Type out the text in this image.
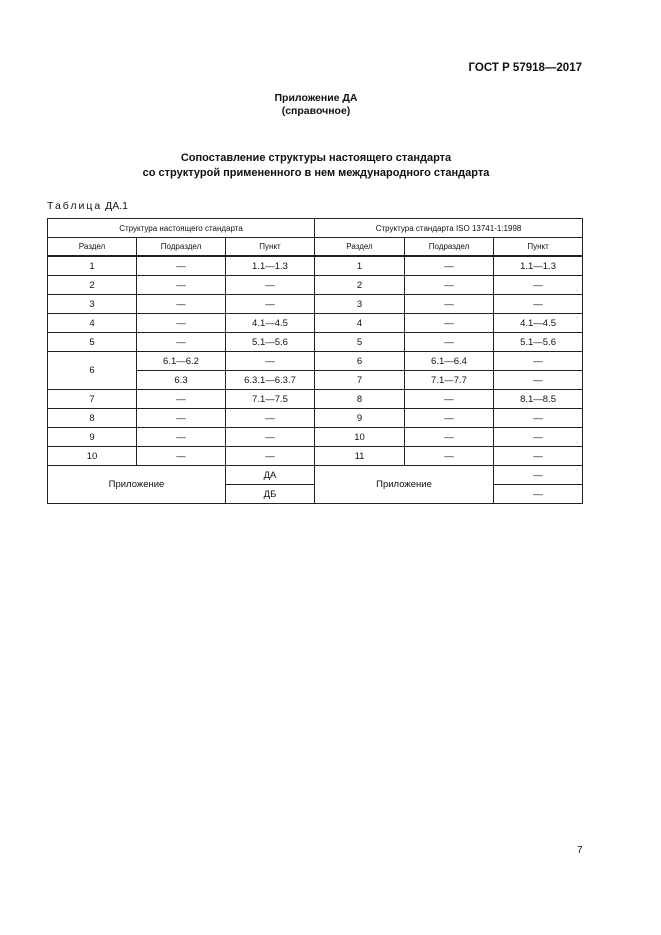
ГОСТ Р 57918—2017
Приложение ДА
(справочное)
Сопоставление структуры настоящего стандарта
со структурой примененного в нем международного стандарта
Таблица ДА.1
Структура настоящего стандарта			Структура стандарта ISO 13741-1:1998		
Раздел	Подраздел	Пункт	Раздел	Подраздел	Пункт
1	—	1.1—1.3	1	—	1.1—1.3
2	—	—	2	—	—
3	—	—	3	—	—
4	—	4.1—4.5	4	—	4.1—4.5
5	—	5.1—5.6	5	—	5.1—5.6
6	6.1—6.2	—	6	6.1—6.4	—
	6.3	6.3.1—6.3.7	7	7.1—7.7	—
7	—	7.1—7.5	8	—	8.1—8.5
8	—	—	9	—	—
9	—	—	10	—	—
10	—	—	11	—	—
Приложение		ДА	Приложение		—
		ДБ			—
7
